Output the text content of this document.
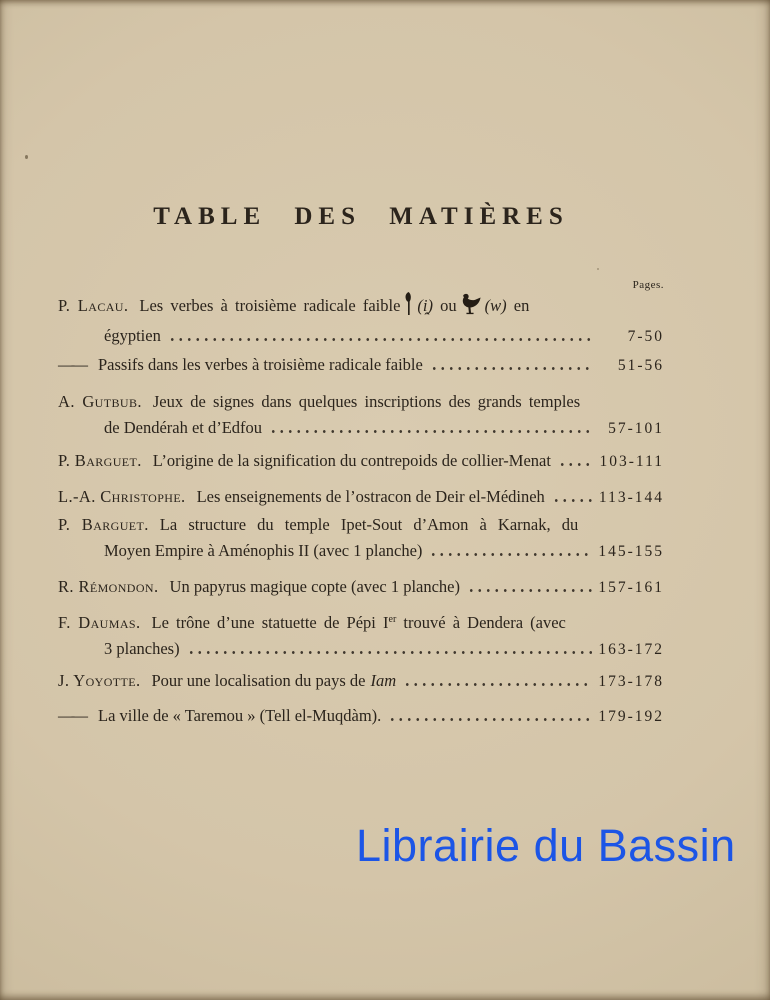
TABLE DES MATIÈRES
Pages.
P. Lacau. Les verbes à troisième radicale faible (i̯) ou (w) en
égyptien	7-50
—— Passifs dans les verbes à troisième radicale faible	51-56
A. Gutbub. Jeux de signes dans quelques inscriptions des grands temples
de Dendérah et d’Edfou	57-101
P. Barguet. L’origine de la signification du contrepoids de collier-Menat	103-111
L.-A. Christophe. Les enseignements de l’ostracon de Deir el-Médineh	113-144
P. Barguet. La structure du temple Ipet-Sout d’Amon à Karnak, du
Moyen Empire à Aménophis II (avec 1 planche)	145-155
R. Rémondon. Un papyrus magique copte (avec 1 planche)	157-161
F. Daumas. Le trône d’une statuette de Pépi Ier trouvé à Dendera (avec
3 planches)	163-172
J. Yoyotte. Pour une localisation du pays de Iam	173-178
—— La ville de « Taremou » (Tell el-Muqdàm).	179-192
Librairie du Bassin
